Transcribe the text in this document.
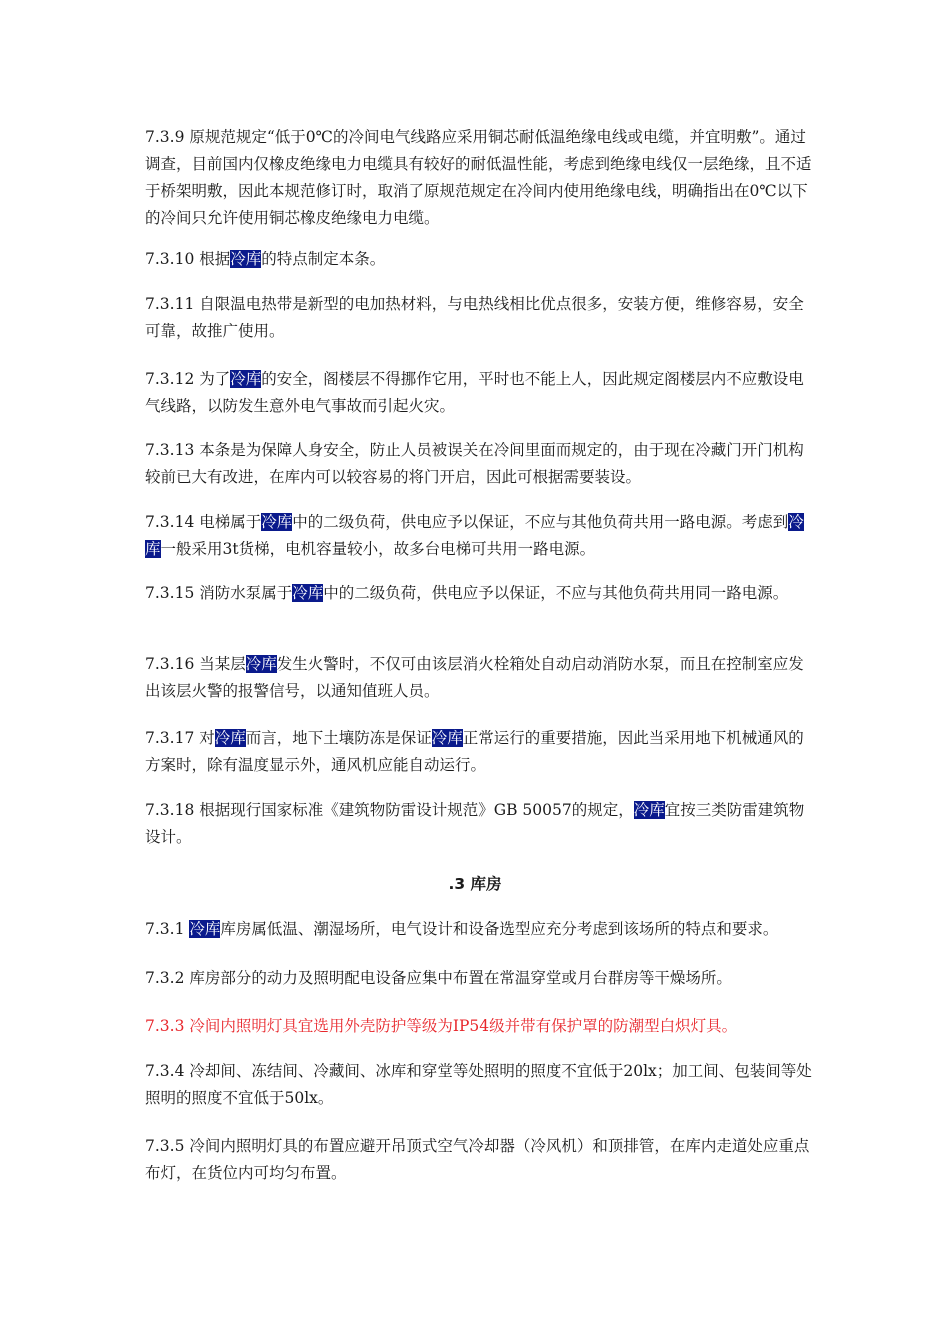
7.3.9 原规范规定“低于0℃的冷间电气线路应采用铜芯耐低温绝缘电线或电缆，并宜明敷”。通过调查，目前国内仅橡皮绝缘电力电缆具有较好的耐低温性能，考虑到绝缘电线仅一层绝缘，且不适于桥架明敷，因此本规范修订时，取消了原规范规定在冷间内使用绝缘电线，明确指出在0℃以下的冷间只允许使用铜芯橡皮绝缘电力电缆。

7.3.10 根据冷库的特点制定本条。

7.3.11 自限温电热带是新型的电加热材料，与电热线相比优点很多，安装方便，维修容易，安全可靠，故推广使用。

7.3.12 为了冷库的安全，阁楼层不得挪作它用，平时也不能上人，因此规定阁楼层内不应敷设电气线路，以防发生意外电气事故而引起火灾。

7.3.13 本条是为保障人身安全，防止人员被误关在冷间里面而规定的，由于现在冷藏门开门机构较前已大有改进，在库内可以较容易的将门开启，因此可根据需要装设。

7.3.14 电梯属于冷库中的二级负荷，供电应予以保证，不应与其他负荷共用一路电源。考虑到冷库一般采用3t货梯，电机容量较小，故多台电梯可共用一路电源。

7.3.15 消防水泵属于冷库中的二级负荷，供电应予以保证，不应与其他负荷共用同一路电源。

7.3.16 当某层冷库发生火警时，不仅可由该层消火栓箱处自动启动消防水泵，而且在控制室应发出该层火警的报警信号，以通知值班人员。

7.3.17 对冷库而言，地下土壤防冻是保证冷库正常运行的重要措施，因此当采用地下机械通风的方案时，除有温度显示外，通风机应能自动运行。

7.3.18 根据现行国家标准《建筑物防雷设计规范》GB 50057的规定，冷库宜按三类防雷建筑物设计。

.3 库房

7.3.1 冷库库房属低温、潮湿场所，电气设计和设备选型应充分考虑到该场所的特点和要求。

7.3.2 库房部分的动力及照明配电设备应集中布置在常温穿堂或月台群房等干燥场所。

7.3.3 冷间内照明灯具宜选用外壳防护等级为IP54级并带有保护罩的防潮型白炽灯具。

7.3.4 冷却间、冻结间、冷藏间、冰库和穿堂等处照明的照度不宜低于20lx；加工间、包装间等处照明的照度不宜低于50lx。

7.3.5 冷间内照明灯具的布置应避开吊顶式空气冷却器（冷风机）和顶排管，在库内走道处应重点布灯，在货位内可均匀布置。
